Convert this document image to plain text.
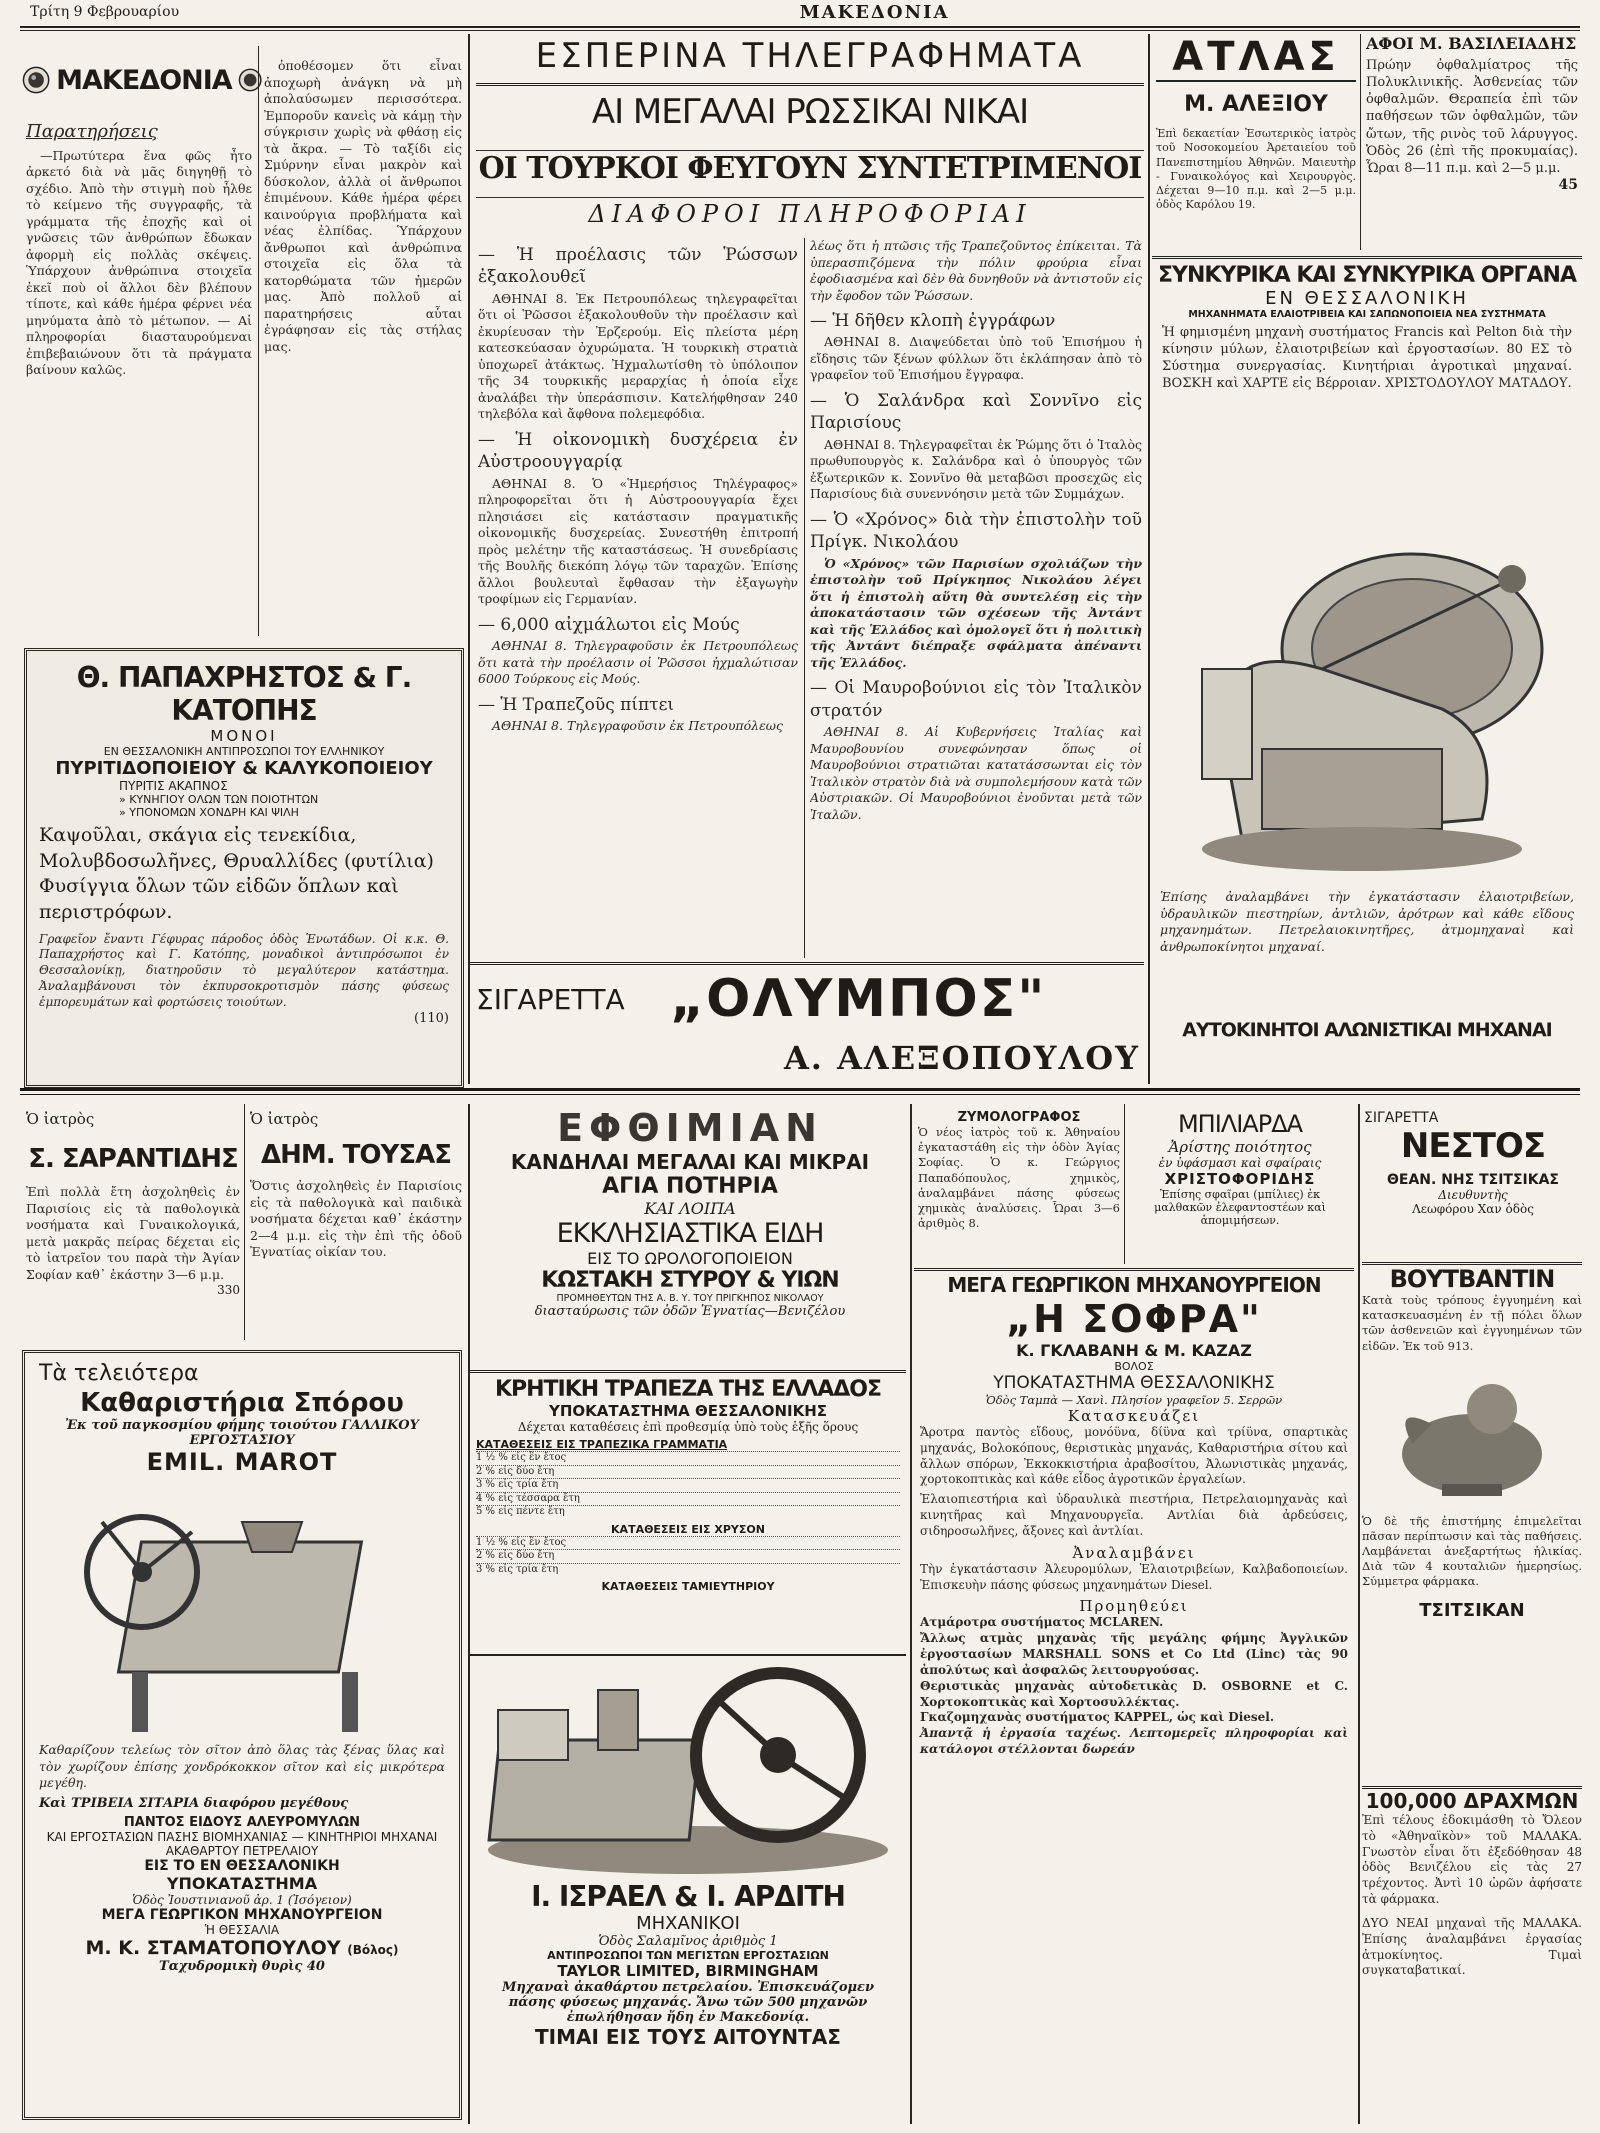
Τρίτη 9 Φεβρουαρίου	ΜΑΚΕΔΟΝΙΑ
ΜΑΚΕΔΟΝΙΑ
Παρατηρήσεις

—Πρωτύτερα ἕνα φῶς ἦτο ἀρκετό διὰ νὰ μᾶς διηγηθῇ τὸ σχέδιο. Ἀπὸ τὴν στιγμὴ ποὺ ἦλθε τὸ κείμενο τῆς συγγραφῆς, τὰ γράμματα τῆς ἐποχῆς καὶ οἱ γνῶσεις τῶν ἀνθρώπων ἔδωκαν ἀφορμὴ εἰς πολλὰς σκέψεις. Ὑπάρχουν ἀνθρώπινα στοιχεῖα ἐκεῖ ποὺ οἱ ἄλλοι δὲν βλέπουν τίποτε, καὶ κάθε ἡμέρα φέρνει νέα μηνύματα ἀπὸ τὸ μέτωπον. — Αἱ πληροφορίαι διασταυρούμεναι ἐπιβεβαιώνουν ὅτι τὰ πράγματα βαίνουν καλῶς.

ὀποθέσομεν ὅτι εἶναι ἀποχωρὴ ἀνάγκη νὰ μὴ ἀπολαύσωμεν περισσότερα. Ἐμποροῦν κανεὶς νὰ κάμῃ τὴν σύγκρισιν χωρὶς νὰ φθάσῃ εἰς τὰ ἄκρα. — Τὸ ταξίδι εἰς Σμύρνην εἶναι μακρὸν καὶ δύσκολον, ἀλλὰ οἱ ἄνθρωποι ἐπιμένουν. Κάθε ἡμέρα φέρει καινούργια προβλήματα καὶ νέας ἐλπίδας. Ὑπάρχουν ἄνθρωποι καὶ ἀνθρώπινα στοιχεῖα εἰς ὅλα τὰ κατορθώματα τῶν ἡμερῶν μας. Ἀπὸ πολλοῦ αἱ παρατηρήσεις αὗται ἐγράφησαν εἰς τὰς στήλας μας.

Θ. ΠΑΠΑΧΡΗΣΤΟΣ & Γ. ΚΑΤΟΠΗΣ
ΜΟΝΟΙ
ΕΝ ΘΕΣΣΑΛΟΝΙΚΗ ΑΝΤΙΠΡΟΣΩΠΟΙ ΤΟΥ ΕΛΛΗΝΙΚΟΥ
ΠΥΡΙΤΙΔΟΠΟΙΕΙΟΥ & ΚΑΛΥΚΟΠΟΙΕΙΟΥ
ΠΥΡΙΤΙΣ ΑΚΑΠΝΟΣ
» ΚΥΝΗΓΙΟΥ ΟΛΩΝ ΤΩΝ ΠΟΙΟΤΗΤΩΝ
» ΥΠΟΝΟΜΩΝ ΧΟΝΔΡΗ ΚΑΙ ΨΙΛΗ
Καψοῦλαι, σκάγια εἰς τενεκίδια, Μολυβδοσωλῆνες, Θρυαλλίδες (φυτίλια) Φυσίγγια ὅλων τῶν εἰδῶν ὅπλων καὶ περιστρόφων.
Γραφεῖον ἔναντι Γέφυρας πάροδος ὁδὸς Ἑνωτάδων. Οἱ κ.κ. Θ. Παπαχρήστος καὶ Γ. Κατόπης, μοναδικοὶ ἀντιπρόσωποι ἐν Θεσσαλονίκῃ, διατηροῦσιν τὸ μεγαλύτερον κατάστημα. Ἀναλαμβάνουσι τὸν ἐκπυρσοκροτισμὸν πάσης φύσεως ἐμπορευμάτων καὶ φορτώσεις τοιούτων.
(110)
ΕΣΠΕΡΙΝΑ ΤΗΛΕΓΡΑΦΗΜΑΤΑ
ΑΙ ΜΕΓΑΛΑΙ ΡΩΣΣΙΚΑΙ ΝΙΚΑΙ
ΟΙ ΤΟΥΡΚΟΙ ΦΕΥΓΟΥΝ ΣΥΝΤΕΤΡΙΜΕΝΟΙ
ΔΙΑΦΟΡΟΙ ΠΛΗΡΟΦΟΡΙΑΙ
— Ἡ προέλασις τῶν Ῥώσσων ἐξακολουθεῖ

ΑΘΗΝΑΙ 8. Ἐκ Πετρουπόλεως τηλεγραφεῖται ὅτι οἱ Ῥῶσσοι ἐξακολουθοῦν τὴν προέλασιν καὶ ἐκυρίευσαν τὴν Ἐρζερούμ. Εἰς πλείστα μέρη κατεσκεύασαν ὀχυρώματα. Ἡ τουρκικὴ στρατιὰ ὑποχωρεῖ ἀτάκτως. Ἠχμαλωτίσθη τὸ ὑπόλοιπον τῆς 34 τουρκικῆς μεραρχίας ἡ ὁποία εἶχε ἀναλάβει τὴν ὑπεράσπισιν. Κατελήφθησαν 240 τηλεβόλα καὶ ἄφθονα πολεμεφόδια.

— Ἡ οἰκονομικὴ δυσχέρεια ἐν Αὐστροουγγαρίᾳ

ΑΘΗΝΑΙ 8. Ὁ «Ἡμερήσιος Τηλέγραφος» πληροφορεῖται ὅτι ἡ Αὐστροουγγαρία ἔχει πλησιάσει εἰς κατάστασιν πραγματικῆς οἰκονομικῆς δυσχερείας. Συνεστήθη ἐπιτροπή πρὸς μελέτην τῆς καταστάσεως. Ἡ συνεδρίασις τῆς Βουλῆς διεκόπη λόγῳ τῶν ταραχῶν. Ἐπίσης ἄλλοι βουλευταὶ ἔφθασαν τὴν ἐξαγωγὴν τροφίμων εἰς Γερμανίαν.

— 6,000 αἰχμάλωτοι εἰς Μούς

ΑΘΗΝΑΙ 8. Τηλεγραφοῦσιν ἐκ Πετρουπόλεως ὅτι κατὰ τὴν προέλασιν οἱ Ῥῶσσοι ἠχμαλώτισαν 6000 Τούρκους εἰς Μούς.

— Ἡ Τραπεζοῦς πίπτει

ΑΘΗΝΑΙ 8. Τηλεγραφοῦσιν ἐκ Πετρουπόλεως

λέως ὅτι ἡ πτῶσις τῆς Τραπεζοῦντος ἐπίκειται. Τὰ ὑπερασπιζόμενα τὴν πόλιν φρούρια εἶναι ἐφοδιασμένα καὶ δὲν θὰ δυνηθοῦν νὰ ἀντιστοῦν εἰς τὴν ἔφοδον τῶν Ῥώσσων.

— Ἡ δῆθεν κλοπὴ ἐγγράφων

ΑΘΗΝΑΙ 8. Διαψεύδεται ὑπὸ τοῦ Ἐπισήμου ἡ εἴδησις τῶν ξένων φύλλων ὅτι ἐκλάπησαν ἀπὸ τὸ γραφεῖον τοῦ Ἐπισήμου ἔγγραφα.

— Ὁ Σαλάνδρα καὶ Σοννῖνο εἰς Παρισίους

ΑΘΗΝΑΙ 8. Τηλεγραφεῖται ἐκ Ῥώμης ὅτι ὁ Ἰταλὸς πρωθυπουργὸς κ. Σαλάνδρα καὶ ὁ ὑπουργὸς τῶν ἐξωτερικῶν κ. Σοννῖνο θὰ μεταβῶσι προσεχῶς εἰς Παρισίους διὰ συνεννόησιν μετὰ τῶν Συμμάχων.

— Ὁ «Χρόνος» διὰ τὴν ἐπιστολὴν τοῦ Πρίγκ. Νικολάου

Ὁ «Χρόνος» τῶν Παρισίων σχολιάζων τὴν ἐπιστολὴν τοῦ Πρίγκηπος Νικολάου λέγει ὅτι ἡ ἐπιστολὴ αὕτη θὰ συντελέσῃ εἰς τὴν ἀποκατάστασιν τῶν σχέσεων τῆς Ἀντάντ καὶ τῆς Ἑλλάδος καὶ ὁμολογεῖ ὅτι ἡ πολιτικὴ τῆς Ἀντάντ διέπραξε σφάλματα ἀπέναντι τῆς Ἑλλάδος.

— Οἱ Μαυροβούνιοι εἰς τὸν Ἰταλικὸν στρατόν

ΑΘΗΝΑΙ 8. Αἱ Κυβερνήσεις Ἰταλίας καὶ Μαυροβουνίου συνεφώνησαν ὅπως οἱ Μαυροβούνιοι στρατιῶται κατατάσσωνται εἰς τὸν Ἰταλικὸν στρατὸν διὰ νὰ συμπολεμήσουν κατὰ τῶν Αὐστριακῶν. Οἱ Μαυροβούνιοι ἐνοῦνται μετὰ τῶν Ἰταλῶν.

ΣΙΓΑΡΕΤΤΑ „ΟΛΥΜΠΟΣ"
Α. ΑΛΕΞΟΠΟΥΛΟΥ
ΑΤΛΑΣ
Μ. ΑΛΕΞΙΟΥ
Ἐπὶ δεκαετίαν Ἐσωτερικὸς ἰατρὸς τοῦ Νοσοκομείου Ἀρεταιείου τοῦ Πανεπιστημίου Ἀθηνῶν. Μαιευτὴρ - Γυναικολόγος καὶ Χειρουργὸς. Δέχεται 9—10 π.μ. καὶ 2—5 μ.μ. ὁδὸς Καρόλου 19.
ΑΦΟΙ Μ. ΒΑΣΙΛΕΙΑΔΗΣ
Πρώην ὀφθαλμίατρος τῆς Πολυκλινικῆς. Ἀσθενείας τῶν ὀφθαλμῶν. Θεραπεία ἐπὶ τῶν παθήσεων τῶν ὀφθαλμῶν, τῶν ὤτων, τῆς ρινὸς τοῦ λάρυγγος. Ὁδὸς 26 (ἐπὶ τῆς προκυμαίας). Ὧραι 8—11 π.μ. καὶ 2—5 μ.μ.
45
ΣΥΝΚΥΡΙΚΑ ΚΑΙ ΣΥΝΚΥΡΙΚΑ ΟΡΓΑΝΑ
ΕΝ ΘΕΣΣΑΛΟΝΙΚΗ
ΜΗΧΑΝΗΜΑΤΑ ΕΛΑΙΟΤΡΙΒΕΙΑ ΚΑΙ ΣΑΠΩΝΟΠΟΙΕΙΑ ΝΕΑ ΣΥΣΤΗΜΑΤΑ
Ἡ φημισμένη μηχανὴ συστήματος Francis καὶ Pelton διὰ τὴν κίνησιν μύλων, ἐλαιοτριβείων καὶ ἐργοστασίων. 80 ΕΣ τὸ Σύστημα συνεργασίας. Κινητήριαι ἀγροτικαὶ μηχαναί. ΒΟΣΚΗ καὶ ΧΑΡΤΕ εἰς Βέρροιαν. ΧΡΙΣΤΟΔΟΥΛΟΥ ΜΑΤΑΔΟΥ.
Ἐπίσης ἀναλαμβάνει τὴν ἐγκατάστασιν ἐλαιοτριβείων, ὑδραυλικῶν πιεστηρίων, ἀντλιῶν, ἀρότρων καὶ κάθε εἴδους μηχανημάτων. Πετρελαιοκινητῆρες, ἀτμομηχαναὶ καὶ ἀνθρωποκίνητοι μηχαναί.
ΑΥΤΟΚΙΝΗΤΟΙ ΑΛΩΝΙΣΤΙΚΑΙ ΜΗΧΑΝΑΙ
Ὁ ἰατρὸς
Σ. ΣΑΡΑΝΤΙΔΗΣ
Ἐπὶ πολλὰ ἔτη ἀσχοληθεὶς ἐν Παρισίοις εἰς τὰ παθολογικὰ νοσήματα καὶ Γυναικολογικά, μετὰ μακρᾶς πείρας δέχεται εἰς τὸ ἰατρεῖον του παρὰ τὴν Ἀγίαν Σοφίαν καθ᾿ ἑκάστην 3—6 μ.μ.
330
Ὁ ἰατρὸς
ΔΗΜ. ΤΟΥΣΑΣ
Ὅστις ἀσχοληθεὶς ἐν Παρισίοις εἰς τὰ παθολογικὰ καὶ παιδικὰ νοσήματα δέχεται καθ᾿ ἑκάστην 2—4 μ.μ. εἰς τὴν ἐπὶ τῆς ὁδοῦ Ἐγνατίας οἰκίαν του.
Τὰ τελειότερα
Καθαριστήρια Σπόρου
Ἐκ τοῦ παγκοσμίου φήμης τοιούτου ΓΑΛΛΙΚΟΥ ΕΡΓΟΣΤΑΣΙΟΥ
EMIL. MAROT
Καθαρίζουν τελείως τὸν σῖτον ἀπὸ ὅλας τὰς ξένας ὕλας καὶ τὸν χωρίζουν ἐπίσης χονδρόκοκκον σῖτον καὶ εἰς μικρότερα μεγέθη.
Καὶ ΤΡΙΒΕΙΑ ΣΙΤΑΡΙΑ διαφόρου μεγέθους
ΠΑΝΤΟΣ ΕΙΔΟΥΣ ΑΛΕΥΡΟΜΥΛΩΝ
ΚΑΙ ΕΡΓΟΣΤΑΣΙΩΝ ΠΑΣΗΣ ΒΙΟΜΗΧΑΝΙΑΣ — ΚΙΝΗΤΗΡΙΟΙ ΜΗΧΑΝΑΙ ΑΚΑΘΑΡΤΟΥ ΠΕΤΡΕΛΑΙΟΥ
ΕΙΣ ΤΟ ΕΝ ΘΕΣΣΑΛΟΝΙΚΗ
ΥΠΟΚΑΤΑΣΤΗΜΑ
Ὁδὸς Ἰουστινιανοῦ ἀρ. 1 (Ἰσόγειον)
ΜΕΓΑ ΓΕΩΡΓΙΚΟΝ ΜΗΧΑΝΟΥΡΓΕΙΟΝ
Ἡ ΘΕΣΣΑΛΙΑ
Μ. Κ. ΣΤΑΜΑΤΟΠΟΥΛΟΥ (Βόλος)
Ταχυδρομικὴ θυρὶς 40
ΕΦΘΙΜΙΑΝ
ΚΑΝΔΗΛΑΙ ΜΕΓΑΛΑΙ ΚΑΙ ΜΙΚΡΑΙ
ΑΓΙΑ ΠΟΤΗΡΙΑ
ΚΑΙ ΛΟΙΠΑ
ΕΚΚΛΗΣΙΑΣΤΙΚΑ ΕΙΔΗ
ΕΙΣ ΤΟ ΩΡΟΛΟΓΟΠΟΙΕΙΟΝ
ΚΩΣΤΑΚΗ ΣΤΥΡΟΥ & ΥΙΩΝ
ΠΡΟΜΗΘΕΥΤΩΝ ΤΗΣ Α. Β. Υ. ΤΟΥ ΠΡΙΓΚΗΠΟΣ ΝΙΚΟΛΑΟΥ
διασταύρωσις τῶν ὁδῶν Ἐγνατίας—Βενιζέλου
ΚΡΗΤΙΚΗ ΤΡΑΠΕΖΑ ΤΗΣ ΕΛΛΑΔΟΣ
ΥΠΟΚΑΤΑΣΤΗΜΑ ΘΕΣΣΑΛΟΝΙΚΗΣ
Δέχεται καταθέσεις ἐπὶ προθεσμίᾳ ὑπὸ τοὺς ἑξῆς ὅρους
ΚΑΤΑΘΕΣΕΙΣ ΕΙΣ ΤΡΑΠΕΖΙΚΑ ΓΡΑΜΜΑΤΙΑ
1 ½ % εἰς ἓν ἔτος
2 % εἰς δύο ἔτη
3 % εἰς τρία ἔτη
4 % εἰς τέσσαρα ἔτη
5 % εἰς πέντε ἔτη
ΚΑΤΑΘΕΣΕΙΣ ΕΙΣ ΧΡΥΣΟΝ
1 ½ % εἰς ἓν ἔτος
2 % εἰς δύο ἔτη
3 % εἰς τρία ἔτη
ΚΑΤΑΘΕΣΕΙΣ ΤΑΜΙΕΥΤΗΡΙΟΥ
Ι. ΙΣΡΑΕΛ & Ι. ΑΡΔΙΤΗ
ΜΗΧΑΝΙΚΟΙ
Ὁδὸς Σαλαμῖνος ἀριθμὸς 1
ΑΝΤΙΠΡΟΣΩΠΟΙ ΤΩΝ ΜΕΓΙΣΤΩΝ ΕΡΓΟΣΤΑΣΙΩΝ
TAYLOR LIMITED, BIRMINGHAM
Μηχαναὶ ἀκαθάρτου πετρελαίου. Ἐπισκευάζομεν πάσης φύσεως μηχανάς. Ἄνω τῶν 500 μηχανῶν ἐπωλήθησαν ἤδη ἐν Μακεδονίᾳ.
ΤΙΜΑΙ ΕΙΣ ΤΟΥΣ ΑΙΤΟΥΝΤΑΣ
ΖΥΜΟΛΟΓΡΑΦΟΣ
Ὁ νέος ἰατρὸς τοῦ κ. Ἀθηναίου ἐγκαταστάθη εἰς τὴν ὁδὸν Ἁγίας Σοφίας. Ὁ κ. Γεώργιος Παπαδόπουλος, χημικὸς, ἀναλαμβάνει πάσης φύσεως χημικὰς ἀναλύσεις. Ὧραι 3—6 ἀριθμὸς 8.
ΜΠΙΛΙΑΡΔΑ
Ἀρίστης ποιότητος
ἐν ὑφάσμασι καὶ σφαίραις
ΧΡΙΣΤΟΦΟΡΙΔΗΣ
Ἐπίσης σφαῖραι (μπίλιες) ἐκ μαλθακῶν ἐλεφαντοστέων καὶ ἀπομιμήσεων.
ΜΕΓΑ ΓΕΩΡΓΙΚΟΝ ΜΗΧΑΝΟΥΡΓΕΙΟΝ
„Η ΣΟΦΡΑ"
Κ. ΓΚΛΑΒΑΝΗ & Μ. ΚΑΖΑΖ
ΒΟΛΟΣ
ΥΠΟΚΑΤΑΣΤΗΜΑ ΘΕΣΣΑΛΟΝΙΚΗΣ
Ὁδὸς Ταμπὰ — Χανὶ. Πλησίον γραφεῖον 5. Σερρῶν
Κατασκευάζει
Ἄροτρα παντὸς εἴδους, μονόϋνα, δίϋνα καὶ τρίϋνα, σπαρτικὰς μηχανάς, Βολοκόπους, θεριστικὰς μηχανάς, Καθαριστήρια σίτου καὶ ἄλλων σπόρων, Ἐκκοκκιστήρια ἀραβοσίτου, Ἀλωνιστικὰς μηχανάς, χορτοκοπτικὰς καὶ κάθε εἶδος ἀγροτικῶν ἐργαλείων.
Ἐλαιοπιεστήρια καὶ ὑδραυλικὰ πιεστήρια, Πετρελαιομηχανὰς καὶ κινητῆρας καὶ Μηχανουργεῖα. Αντλίαι διὰ ἀρδεύσεις, σιδηροσωλῆνες, ἄξονες καὶ ἀντλίαι.
Ἀναλαμβάνει
Τὴν ἐγκατάστασιν Ἀλευρομύλων, Ἐλαιοτριβείων, Καλβαδοποιείων. Ἐπισκευὴν πάσης φύσεως μηχανημάτων Diesel.
Προμηθεύει
Ατμάροτρα συστήματος MCLAREN.
Ἄλλως ατμὰς μηχανὰς τῆς μεγάλης φήμης Ἀγγλικῶν ἐργοστασίων MARSHALL SONS et Co Ltd (Linc) τὰς 90 ἀπολύτως καὶ ἀσφαλῶς λειτουργούσας.
Θεριστικὰς μηχανὰς αὐτοδετικὰς D. OSBORNE et C. Χορτοκοπτικὰς καὶ Χορτοσυλλέκτας.
Γκαζομηχανὰς συστήματος KAPPEL, ὡς καὶ Diesel.
Ἀπαντᾷ ἡ ἐργασία ταχέως. Λεπτομερεῖς πληροφορίαι καὶ κατάλογοι στέλλονται δωρεάν
ΣΙΓΑΡΕΤΤΑ
ΝΕΣΤΟΣ
ΘΕΑΝ. ΝΗΣ ΤΣΙΤΣΙΚΑΣ
Διευθυντὴς
Λεωφόρου Χαν ὁδὸς
ΒΟΥΤΒΑΝΤΙΝ
Κατὰ τοὺς τρόπους ἐγγυημένη καὶ κατασκευασμένη ἐν τῇ πόλει ὅλων τῶν ἀσθενειῶν καὶ ἐγγυημένων τῶν εἰδῶν. Ἐκ τοῦ 913.
Ὁ δὲ τῆς ἐπιστήμης ἐπιμελεῖται πᾶσαν περίπτωσιν καὶ τὰς παθήσεις. Λαμβάνεται ἀνεξαρτήτως ἡλικίας. Διὰ τῶν 4 κουταλιῶν ἡμερησίως. Σύμμετρα φάρμακα.
ΤΣΙΤΣΙΚΑΝ
100,000 ΔΡΑΧΜΩΝ
Ἐπὶ τέλους ἐδοκιμάσθη τὸ Ὄλεον τὸ «Ἀθηναϊκὸν» τοῦ ΜΑΛΑΚΑ. Γνωστὸν εἶναι ὅτι ἐξεδόθησαν 48 ὁδὸς Βενιζέλου εἰς τὰς 27 τρέχοντος. Ἀντὶ 10 ὠρῶν ἀφήσατε τὰ φάρμακα.
ΔΥΟ ΝΕΑΙ μηχαναὶ τῆς ΜΑΛΑΚΑ. Ἐπίσης ἀναλαμβάνει ἐργασίας ἀτμοκίνητος. Τιμαὶ συγκαταβατικαί.
